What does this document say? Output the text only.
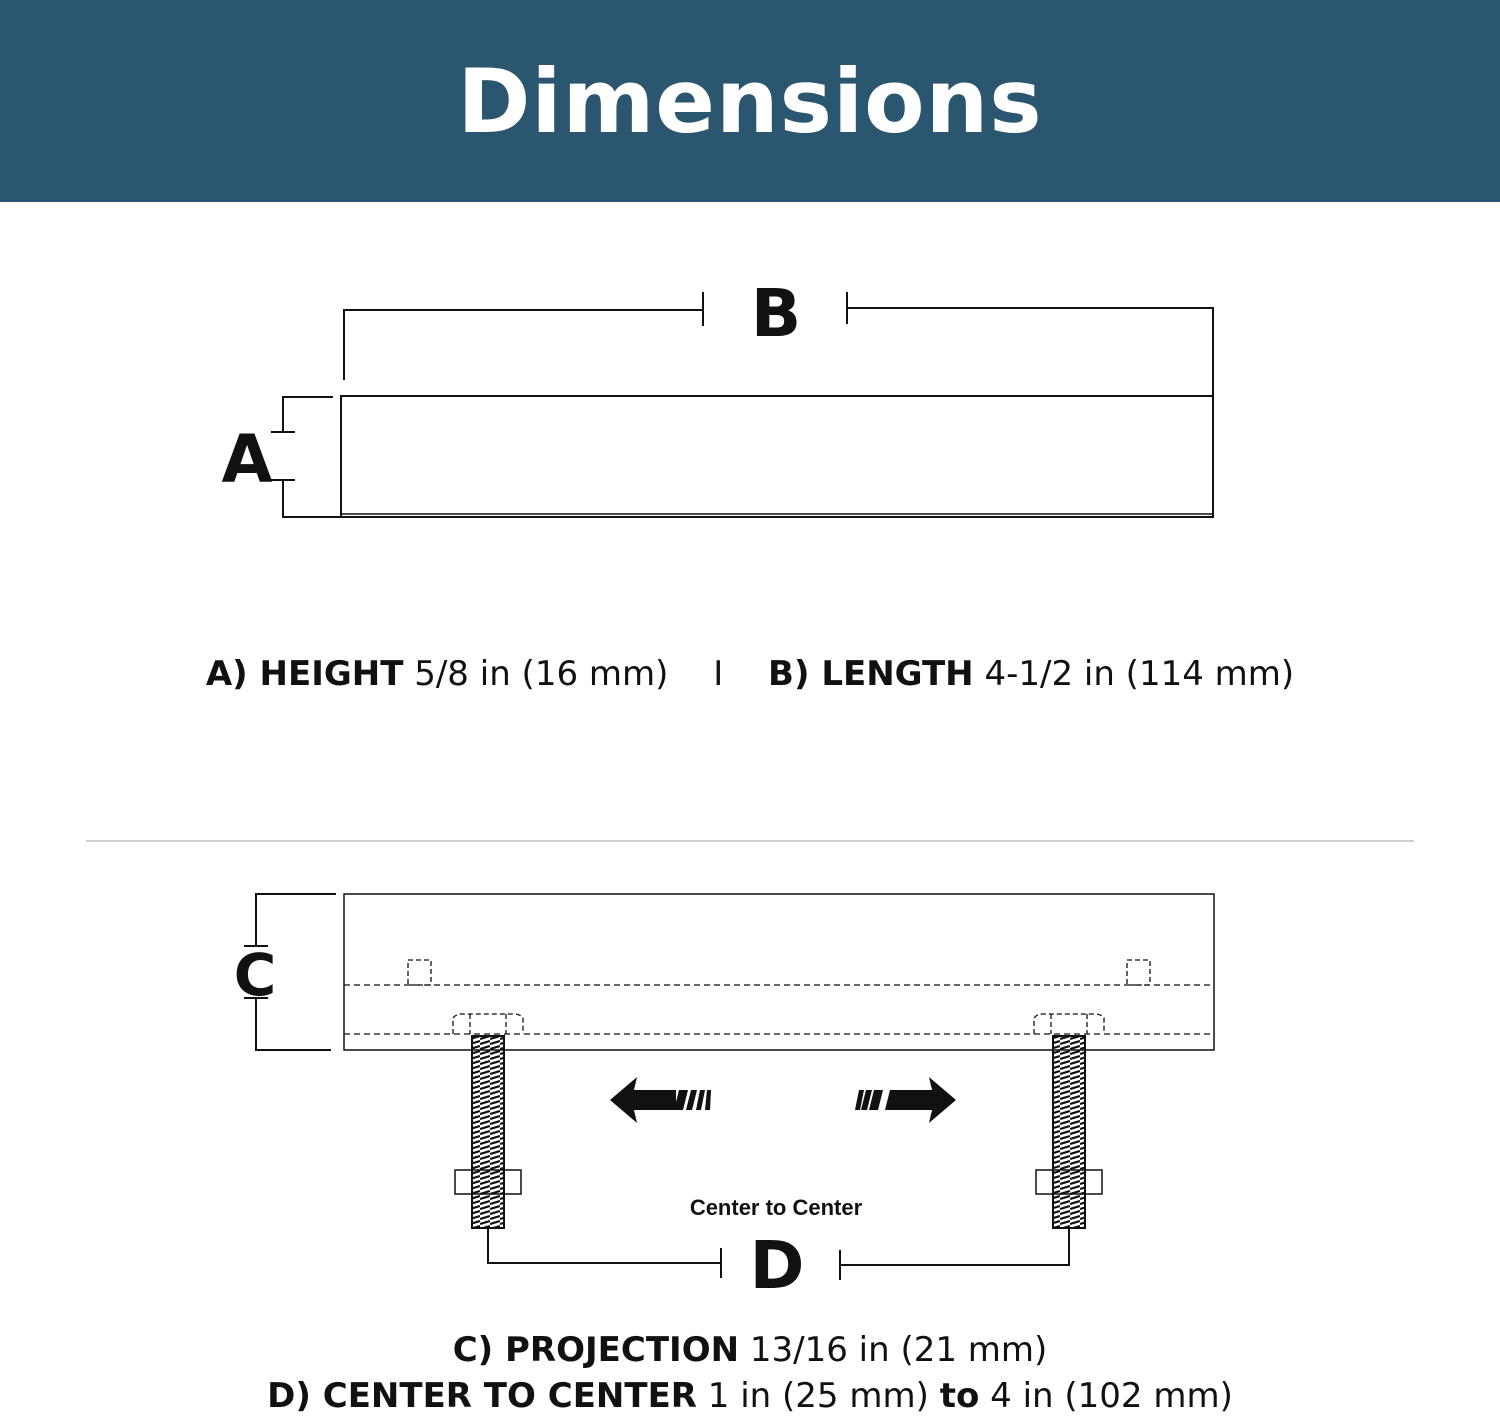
Dimensions
B
A
Center to Center
D
C
A) HEIGHT 5/8 in (16 mm) I B) LENGTH 4-1/2 in (114 mm)
C) PROJECTION 13/16 in (21 mm)
D) CENTER TO CENTER 1 in (25 mm) to 4 in (102 mm)
